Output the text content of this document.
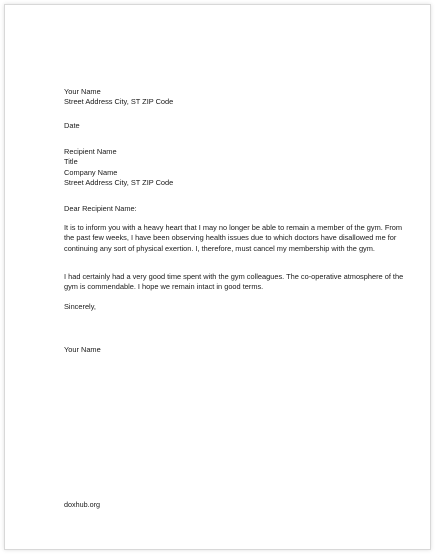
Your Name

Street Address City, ST ZIP Code

Date

Recipient Name

Title

Company Name

Street Address City, ST ZIP Code

Dear Recipient Name:

It is to inform you with a heavy heart that I may no longer be able to remain a member of the gym. From the past few weeks, I have been observing health issues due to which doctors have disallowed me for continuing any sort of physical exertion. I, therefore, must cancel my membership with the gym.

I had certainly had a very good time spent with the gym colleagues. The co-operative atmosphere of the gym is commendable. I hope we remain intact in good terms.

Sincerely,

Your Name

doxhub.org
